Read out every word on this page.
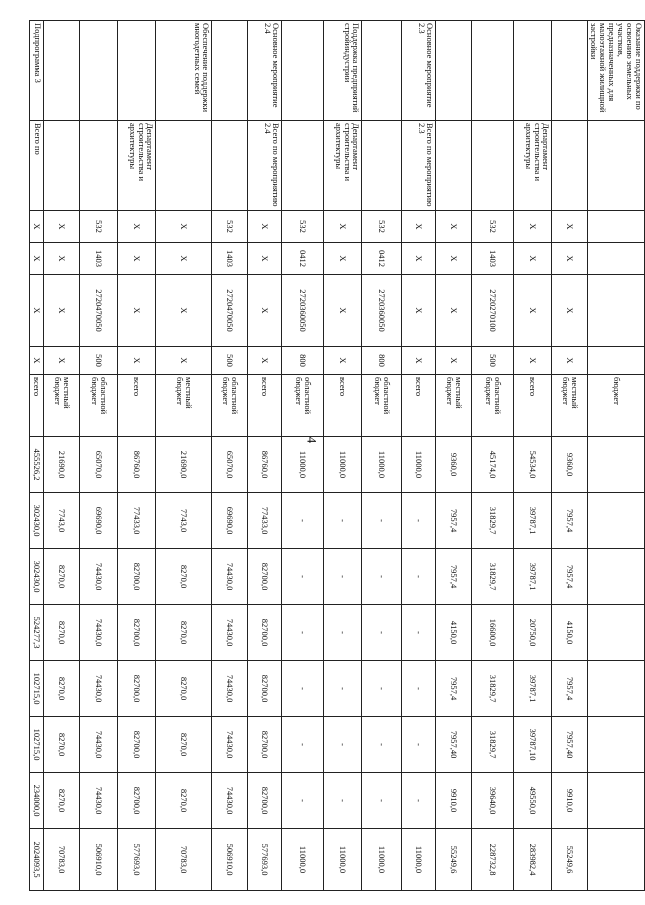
4
Оказание поддержки по освоению земельных участков, предназначенных для малоэтажной жилищной застройки						бюджет								
		X	X	X	X	местный бюджет	9360,0	7957,4	7957,4	4150,0	7957,4	7957,40	9910,0	55249,6
	Департамент строительства и архитектуры	X	X	X	X	всего	54534,0	39787,1	39787,1	20750,0	39787,1	39787,10	49550,0	283982,4
		532	1403	2720270100	500	областной бюджет	45174,0	31829,7	31829,7	16600,0	31829,7	31829,7	39640,0	228732,8
		X	X	X	X	местный бюджет	9360,0	7957,4	7957,4	4150,0	7957,4	7957,40	9910,0	55249,6
Основное мероприятие 2.3	Всего по мероприятию 2.3	X	X	X	X	всего	11000,0	-	-	-	-	-	-	11000,0
		532	0412	2720360050	800	областной бюджет	11000,0	-	-	-	-	-	-	11000,0
Поддержка предприятий стройиндустрии	Департамент строительства и архитектуры	X	X	X	X	всего	11000,0	-	-	-	-	-	-	11000,0
		532	0412	2720360050	800	областной бюджет	11000,0	-	-	-	-	-	-	11000,0
Основное мероприятие 2.4	Всего по мероприятию 2.4	X	X	X	X	всего	86760,0	77433,0	82700,0	82700,0	82700,0	82700,0	82700,0	577693,0
		532	1403	2720470050	500	областной бюджет	65070,0	69690,0	74430,0	74430,0	74430,0	74430,0	74430,0	506910,0
Обеспечение поддержки многодетных семей		X	X	X	X	местный бюджет	21690,0	7743,0	8270,0	8270,0	8270,0	8270,0	8270,0	70783,0
	Департамент строительства и архитектуры	X	X	X	X	всего	86760,0	77433,0	82700,0	82700,0	82700,0	82700,0	82700,0	577693,0
		532	1403	2720470050	500	областной бюджет	65070,0	69690,0	74430,0	74430,0	74430,0	74430,0	74430,0	506910,0
		X	X	X	X	местный бюджет	21690,0	7743,0	8270,0	8270,0	8270,0	8270,0	8270,0	70783,0
Подпрограмма 3	Всего по	X	X	X	X	всего	455526,2	302430,0	302430,0	524277,3	102715,0	102715,0	234000,0	2024093,5
